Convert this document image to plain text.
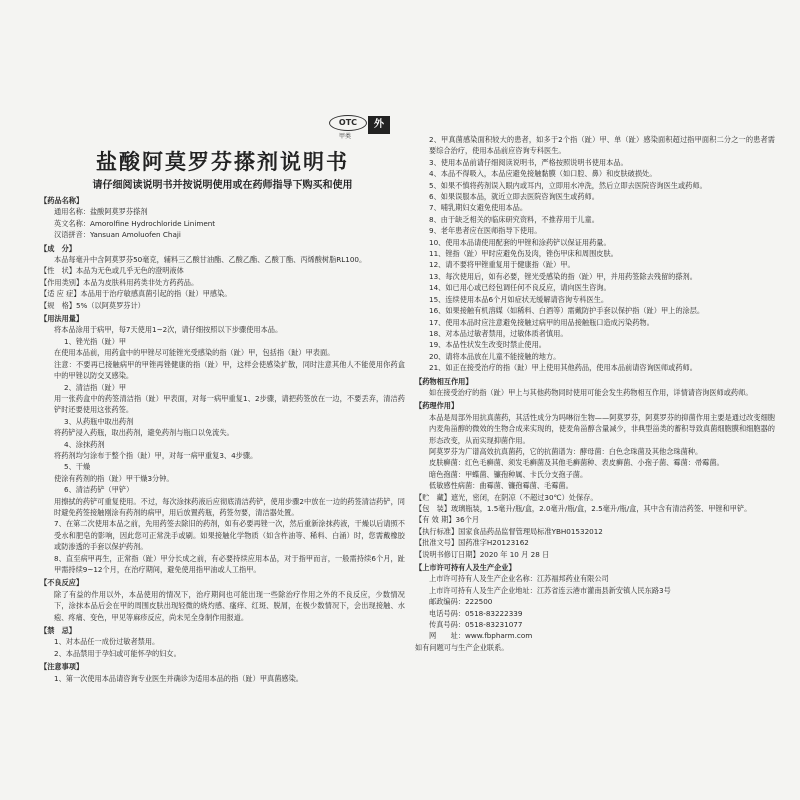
OTC
甲类
外
盐酸阿莫罗芬搽剂说明书
请仔细阅读说明书并按说明使用或在药师指导下购买和使用
【药品名称】
通用名称：盐酸阿莫罗芬搽剂
英文名称：Amorolfine Hydrochloride Liniment
汉语拼音：Yansuan Amoluofen Chaji
【成　分】
本品每毫升中含阿莫罗芬50毫克，辅料三乙酸甘油酯、乙酸乙酯、乙酸丁酯、丙烯酸树脂RL100。
【性　状】本品为无色或几乎无色的澄明液体
【作用类别】本品为皮肤科用药类非处方药药品。
【适 应 症】本品用于治疗敏感真菌引起的指（趾）甲感染。
【规　格】5%（以阿莫罗芬计）
【用法用量】
将本品涂用于病甲，每7天使用1~2次，请仔细按照以下步骤使用本品。
1、锉光指（趾）甲
在使用本品前，用药盒中的甲锉尽可能锉光受感染的指（趾）甲，包括指（趾）甲表面。
注意：不要再已接触病甲的甲锉再锉健康的指（趾）甲，这样会使感染扩散，同时注意其他人不能使用你药盒中的甲锉以防交叉感染。
2、清洁指（趾）甲
用一张药盒中的药签清洁指（趾）甲表面，对每一病甲重复1、2步骤，请把药签放在一边，不要丢弃，清洁药铲时还要使用这张药签。
3、从药瓶中取出药剂
将药铲浸入药瓶，取出药剂，避免药剂与瓶口以免流失。
4、涂抹药剂
将药剂均匀涂布于整个指（趾）甲，对每一病甲重复3、4步骤。
5、干燥
使涂有药剂的指（趾）甲干燥3分钟。
6、清洁药铲（甲铲）
用擦拭的药铲可重复使用。不过，每次涂抹药液后应彻底清洁药铲，使用步骤2中放在一边的药签清洁药铲，同时避免药签接触刚涂有药剂的病甲，用后放置药瓶，药签勿要，清洁器处置。
7、在第二次使用本品之前，先用药签去除旧的药剂，如有必要再锉一次，然后重新涂抹药液，干燥以后请照不受水和肥皂的影响，因此您可正常洗手或刷。如果接触化学物质（如含杵油等、稀料、白涌）时，您需戴橡胶或防渗透的手套以保护药剂。
8、直至病甲再生，正常指（趾）甲分长成之前，有必要持续应用本品，对于指甲而言，一般需持续6个月，趾甲需持续9~12个月，在治疗期间，避免使用指甲油或人工指甲。
【不良反应】
除了有益的作用以外，本品使用的情况下，治疗期间也可能出现一些除治疗作用之外的不良反应，少数情况下，涂抹本品后会在甲的周围皮肤出现轻微的烧灼感、瘙痒、红斑、脱屑，在极少数情况下，会出现接触、水疱、疼痛、变色，甲见等麻疹反应，尚未见全身制作用报道。
【禁　忌】
1、对本品任一成份过敏者禁用。
2、本品禁用于孕妇或可能怀孕的妇女。
【注意事项】
1、第一次使用本品请咨询专业医生并确诊为适用本品的指（趾）甲真菌感染。
2、甲真菌感染面积较大的患者，如多于2个指（趾）甲、单（趾）感染面积超过指甲面积二分之一的患者需要综合治疗，使用本品前应咨询专科医生。
3、使用本品前请仔细阅读说明书，严格按照说明书使用本品。
4、本品不得吸入，本品应避免接触黏膜（如口腔、鼻）和皮肤破损处。
5、如果不慎将药剂误入眼内或耳内，立即用水冲洗，然后立即去医院咨询医生或药师。
6、如果误服本品，就近立即去医院咨询医生或药师。
7、哺乳期妇女避免使用本品。
8、由于缺乏相关的临床研究资料，不推荐用于儿童。
9、老年患者应在医师指导下使用。
10、使用本品请使用配套的甲锉和涂药铲以保证用药量。
11、锉指（趾）甲时应避免伤及肉，锉伤甲床和周围皮肤。
12、请不要将甲锉重复用于健康指（趾）甲。
13、每次使用后，如有必要，锉光受感染的指（趾）甲，并用药签除去残留的搽剂。
14、如已用心或已经包调任何不良反应，请向医生咨询。
15、连续使用本品6个月如症状无缓解请咨询专科医生。
16、如果接触有机溶媒（如稀料、白酒等）需戴防护手套以保护指（趾）甲上的涂层。
17、使用本品时应注意避免接触过病甲的用品接触瓶口造成污染药物。
18、对本品过敏者禁用，过敏体质者慎用。
19、本品性状发生改变时禁止使用。
20、请将本品放在儿童不能接触的地方。
21、如正在接受治疗的指（趾）甲上使用其他药品，使用本品前请咨询医师或药师。
【药物相互作用】
如在接受治疗的指（趾）甲上与其他药物同时使用可能会发生药物相互作用，详情请咨询医师或药师。
【药理作用】
本品是局部外用抗真菌药，其活性成分为吗啉衍生物——阿莫罗芬，阿莫罗芬的抑菌作用主要是通过改变细胞内麦角甾醇的微效的生物合成来实现的，使麦角甾醇含量减少，非典型甾类的蓄积导致真菌细胞膜和细胞器的形态改变，从而实现抑菌作用。
阿莫罗芬为广谱高效抗真菌药，它的抗菌谱为：酵母菌：白色念珠菌及其他念珠菌种。
皮肤癣菌：红色毛癣菌、须发毛癣菌及其他毛癣菌种、表皮癣菌、小孢子菌、霉菌：帚霉菌。
暗色孢菌：甲蝶菌、镰孢种属、卡氏分支孢子菌。
低敏感性病菌：曲霉菌、镰孢霉菌、毛霉菌。
【贮　藏】遮光，密闭，在阴凉（不超过30℃）处保存。
【包　装】玻璃瓶装，1.5毫升/瓶/盒，2.0毫升/瓶/盒，2.5毫升/瓶/盒，其中含有清洁药签、甲锉和甲铲。
【有 效 期】36个月
【执行标准】国家食品药品监督管理局标准YBH01532012
【批准文号】国药准字H20123162
【说明书修订日期】2020 年 10 月 28 日
【上市许可持有人及生产企业】
上市许可持有人及生产企业名称：江苏福邦药业有限公司
上市许可持有人及生产企业地址：江苏省连云港市灌南县新安镇人民东路3号
邮政编码：222500
电话号码：0518-83222339
传真号码：0518-83231077
网　　址：www.fbpharm.com
如有问题可与生产企业联系。
